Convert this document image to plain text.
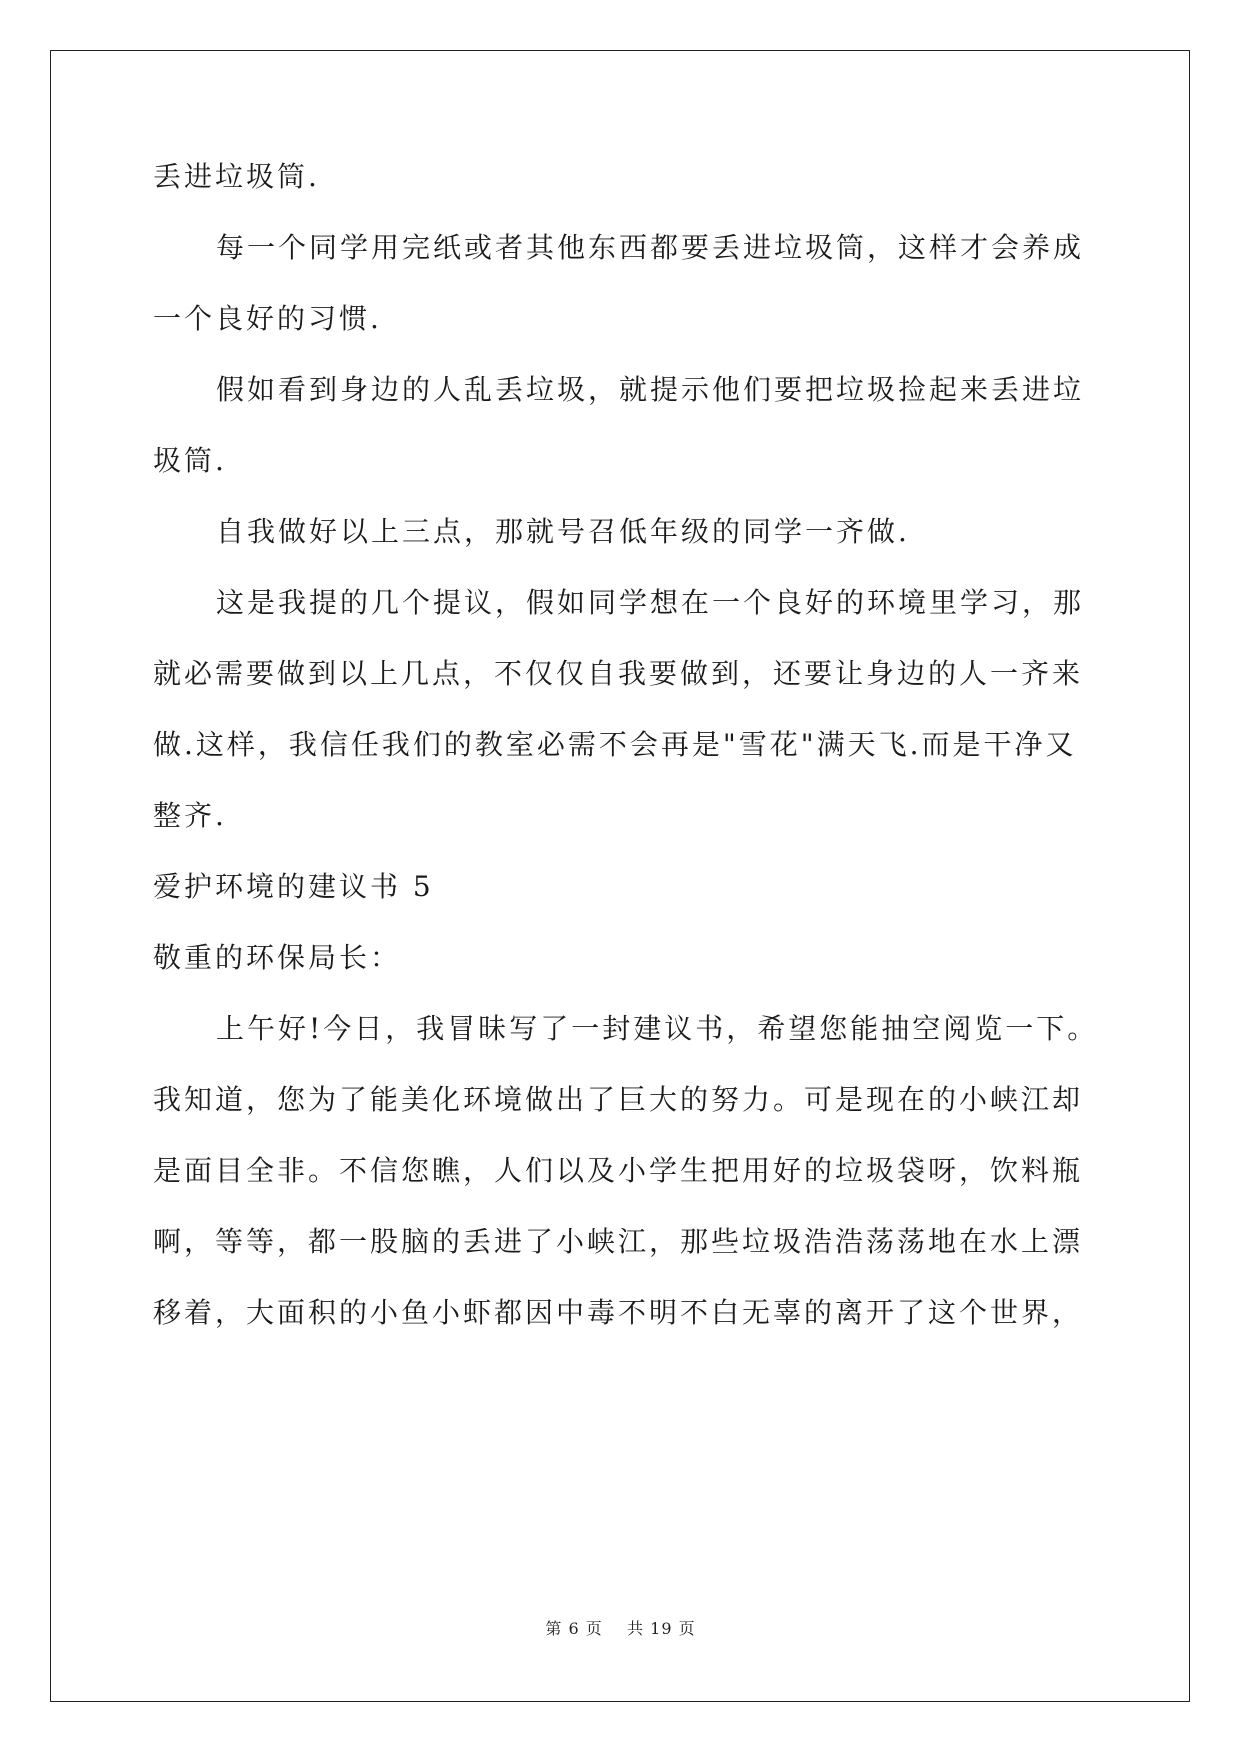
丢进垃圾筒.
每一个同学用完纸或者其他东西都要丢进垃圾筒，这样才会养成
一个良好的习惯.
假如看到身边的人乱丢垃圾，就提示他们要把垃圾捡起来丢进垃
圾筒.
自我做好以上三点，那就号召低年级的同学一齐做.
这是我提的几个提议，假如同学想在一个良好的环境里学习，那
就必需要做到以上几点，不仅仅自我要做到，还要让身边的人一齐来
做.这样，我信任我们的教室必需不会再是"雪花"满天飞.而是干净又
整齐.
爱护环境的建议书 5
敬重的环保局长：
上午好!今日，我冒昧写了一封建议书，希望您能抽空阅览一下。
我知道，您为了能美化环境做出了巨大的努力。可是现在的小峡江却
是面目全非。不信您瞧，人们以及小学生把用好的垃圾袋呀，饮料瓶
啊，等等，都一股脑的丢进了小峡江，那些垃圾浩浩荡荡地在水上漂
移着，大面积的小鱼小虾都因中毒不明不白无辜的离开了这个世界，
第 6 页    共 19 页
